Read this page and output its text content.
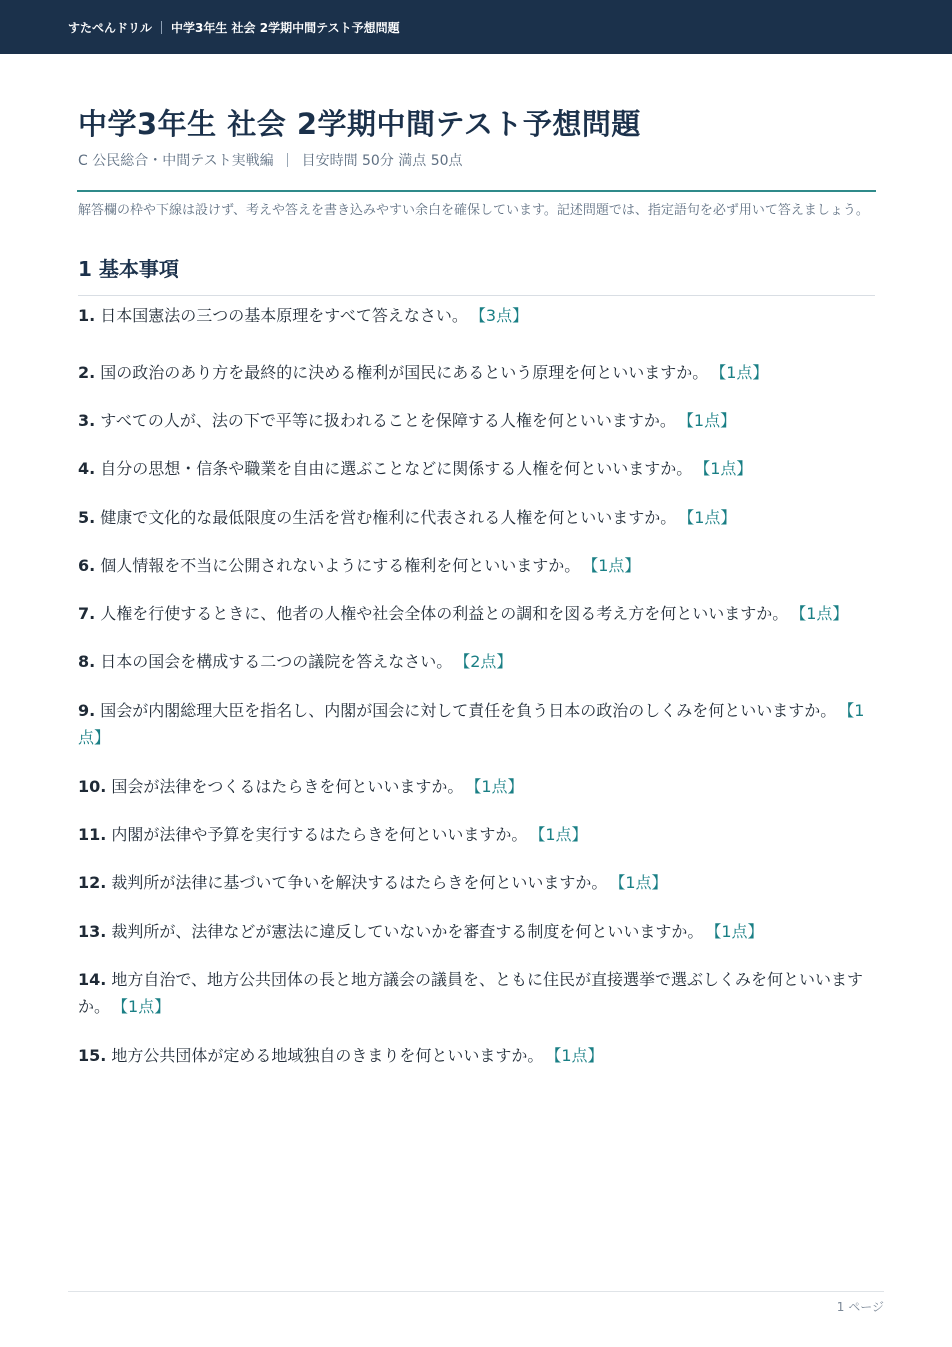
すたぺんドリル 中学3年生 社会 2学期中間テスト予想問題
中学3年生 社会 2学期中間テスト予想問題
C 公民総合・中間テスト実戦編 目安時間 50分 満点 50点
解答欄の枠や下線は設けず、考えや答えを書き込みやすい余白を確保しています。記述問題では、指定語句を必ず用いて答えましょう。
1 基本事項
1. 日本国憲法の三つの基本原理をすべて答えなさい。 【3点】
2. 国の政治のあり方を最終的に決める権利が国民にあるという原理を何といいますか。 【1点】
3. すべての人が、法の下で平等に扱われることを保障する人権を何といいますか。 【1点】
4. 自分の思想・信条や職業を自由に選ぶことなどに関係する人権を何といいますか。 【1点】
5. 健康で文化的な最低限度の生活を営む権利に代表される人権を何といいますか。 【1点】
6. 個人情報を不当に公開されないようにする権利を何といいますか。 【1点】
7. 人権を行使するときに、他者の人権や社会全体の利益との調和を図る考え方を何といいますか。 【1点】
8. 日本の国会を構成する二つの議院を答えなさい。 【2点】
9. 国会が内閣総理大臣を指名し、内閣が国会に対して責任を負う日本の政治のしくみを何といいますか。 【1点】
10. 国会が法律をつくるはたらきを何といいますか。 【1点】
11. 内閣が法律や予算を実行するはたらきを何といいますか。 【1点】
12. 裁判所が法律に基づいて争いを解決するはたらきを何といいますか。 【1点】
13. 裁判所が、法律などが憲法に違反していないかを審査する制度を何といいますか。 【1点】
14. 地方自治で、地方公共団体の長と地方議会の議員を、ともに住民が直接選挙で選ぶしくみを何といいますか。 【1点】
15. 地方公共団体が定める地域独自のきまりを何といいますか。 【1点】
1 ページ
